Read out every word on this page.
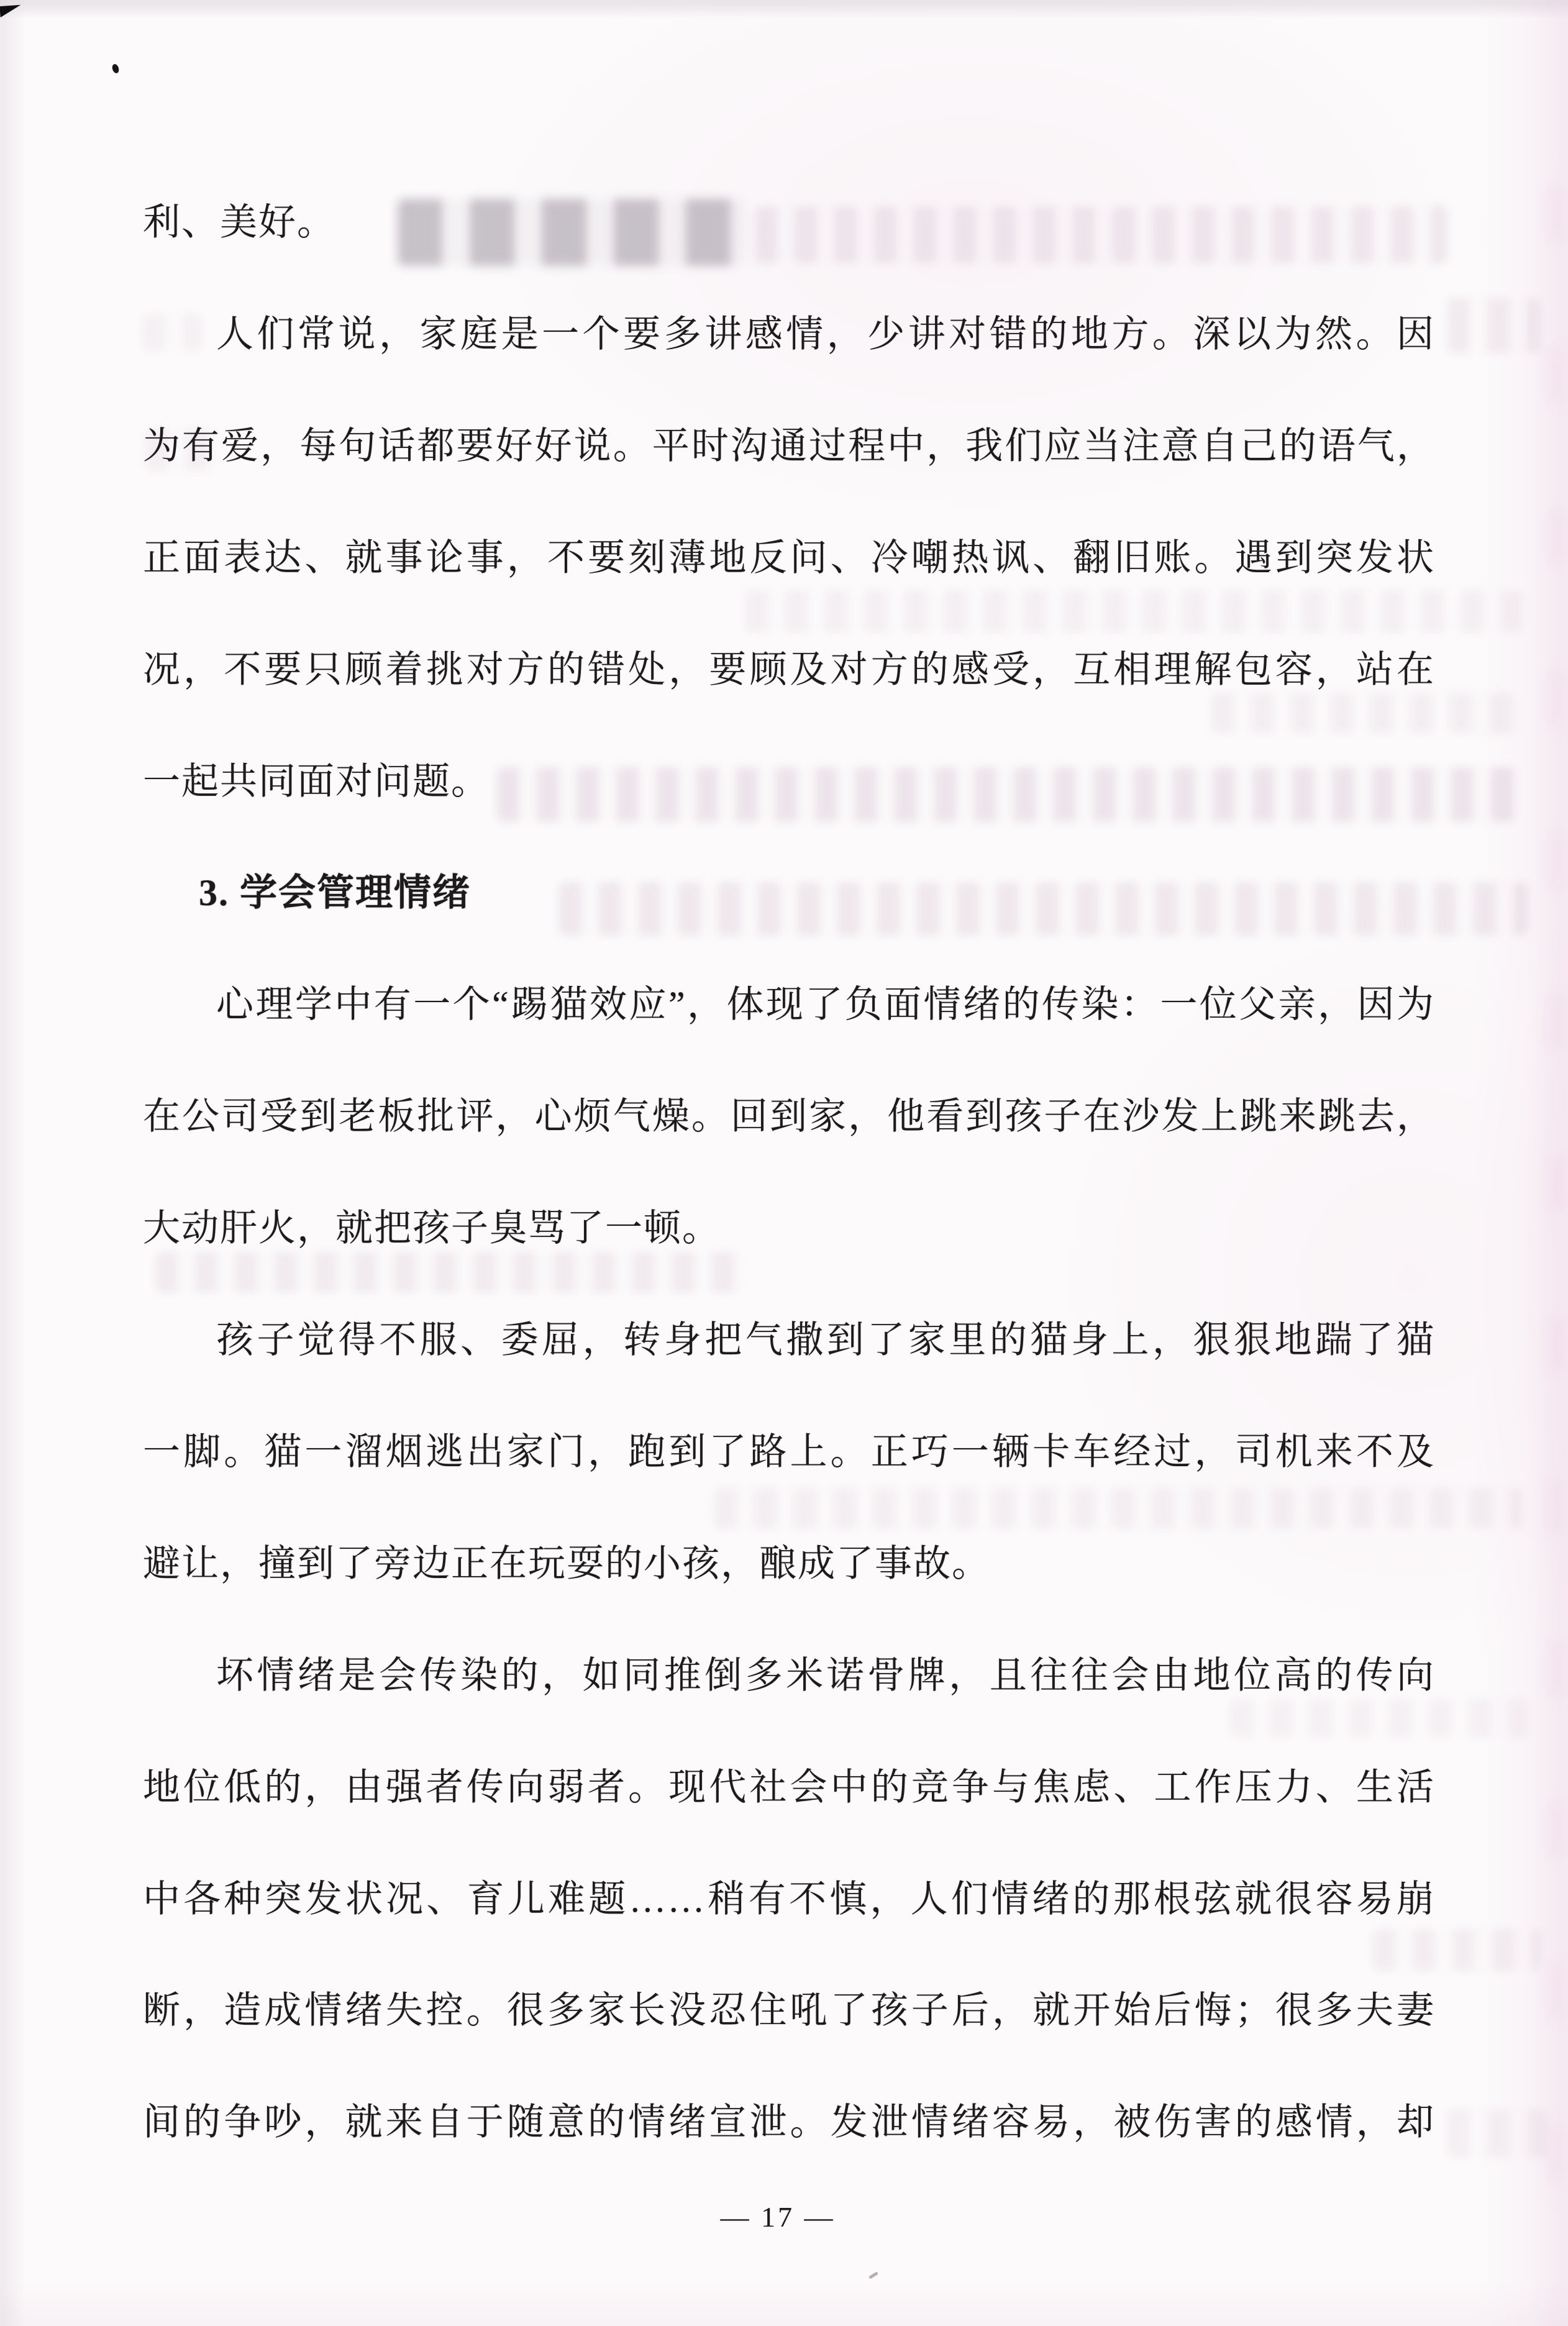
利、美好。
人们常说，家庭是一个要多讲感情，少讲对错的地方。深以为然。因
为有爱，每句话都要好好说。平时沟通过程中，我们应当注意自己的语气，
正面表达、就事论事，不要刻薄地反问、冷嘲热讽、翻旧账。遇到突发状
况，不要只顾着挑对方的错处，要顾及对方的感受，互相理解包容，站在
一起共同面对问题。
3. 学会管理情绪
心理学中有一个“踢猫效应”，体现了负面情绪的传染：一位父亲，因为
在公司受到老板批评，心烦气燥。回到家，他看到孩子在沙发上跳来跳去，
大动肝火，就把孩子臭骂了一顿。
孩子觉得不服、委屈，转身把气撒到了家里的猫身上，狠狠地踹了猫
一脚。猫一溜烟逃出家门，跑到了路上。正巧一辆卡车经过，司机来不及
避让，撞到了旁边正在玩耍的小孩，酿成了事故。
坏情绪是会传染的，如同推倒多米诺骨牌，且往往会由地位高的传向
地位低的，由强者传向弱者。现代社会中的竞争与焦虑、工作压力、生活
中各种突发状况、育儿难题……稍有不慎，人们情绪的那根弦就很容易崩
断，造成情绪失控。很多家长没忍住吼了孩子后，就开始后悔；很多夫妻
间的争吵，就来自于随意的情绪宣泄。发泄情绪容易，被伤害的感情，却
— 17 —
